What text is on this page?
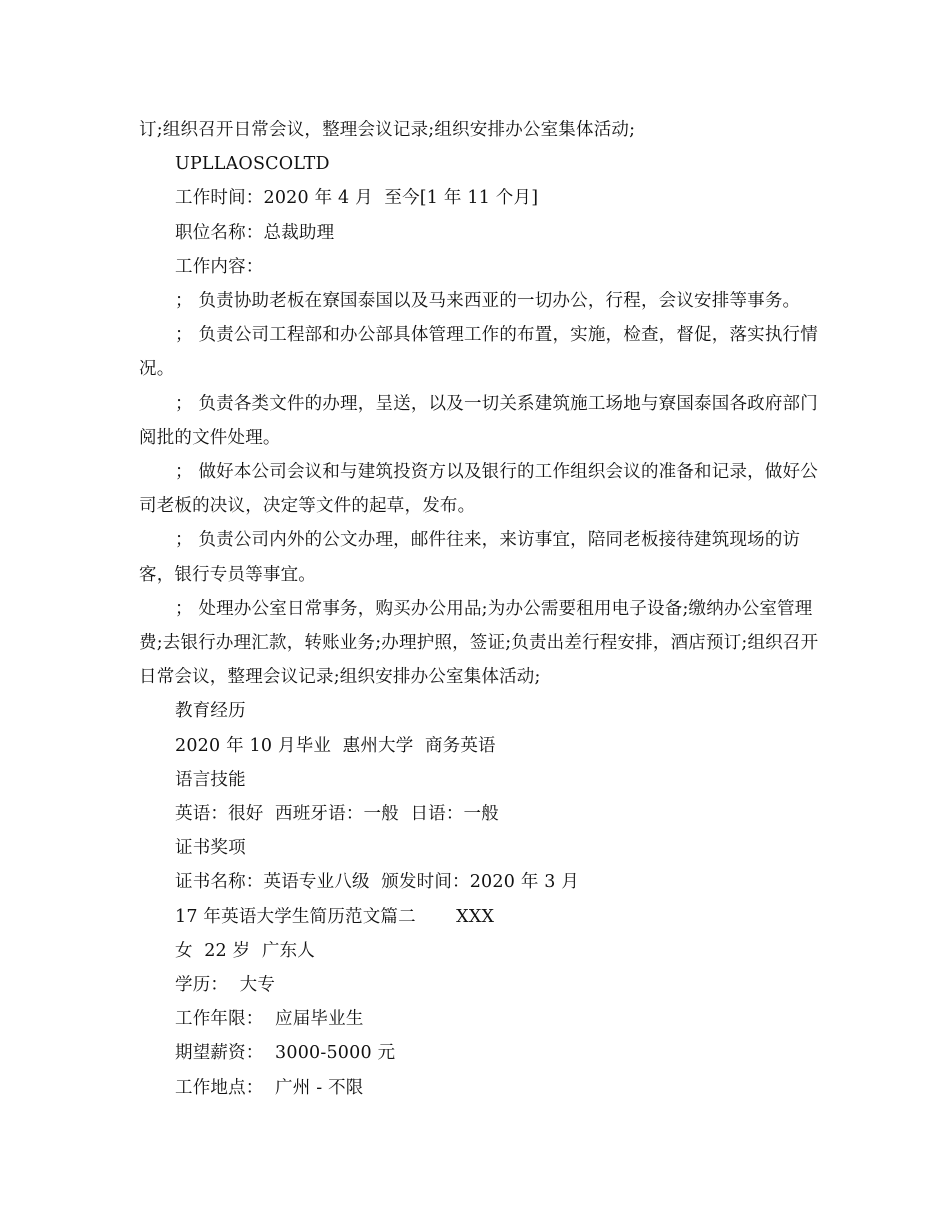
订;组织召开日常会议，整理会议记录;组织安排办公室集体活动;

UPLLAOSCOLTD

工作时间：2020 年 4 月  至今[1 年 11 个月]

职位名称：总裁助理

工作内容：

； 负责协助老板在寮国泰国以及马来西亚的一切办公，行程，会议安排等事务。

； 负责公司工程部和办公部具体管理工作的布置，实施，检查，督促，落实执行情况。

； 负责各类文件的办理，呈送，以及一切关系建筑施工场地与寮国泰国各政府部门阅批的文件处理。

； 做好本公司会议和与建筑投资方以及银行的工作组织会议的准备和记录，做好公司老板的决议，决定等文件的起草，发布。

； 负责公司内外的公文办理，邮件往来，来访事宜，陪同老板接待建筑现场的访客，银行专员等事宜。

； 处理办公室日常事务，购买办公用品;为办公需要租用电子设备;缴纳办公室管理费;去银行办理汇款，转账业务;办理护照，签证;负责出差行程安排，酒店预订;组织召开日常会议，整理会议记录;组织安排办公室集体活动;

教育经历

2020 年 10 月毕业  惠州大学  商务英语

语言技能

英语：很好  西班牙语：一般  日语：一般

证书奖项

证书名称：英语专业八级  颁发时间：2020 年 3 月

17 年英语大学生简历范文篇二       XXX

女  22 岁  广东人

学历：  大专

工作年限：  应届毕业生

期望薪资：  3000-5000 元

工作地点：  广州 - 不限
